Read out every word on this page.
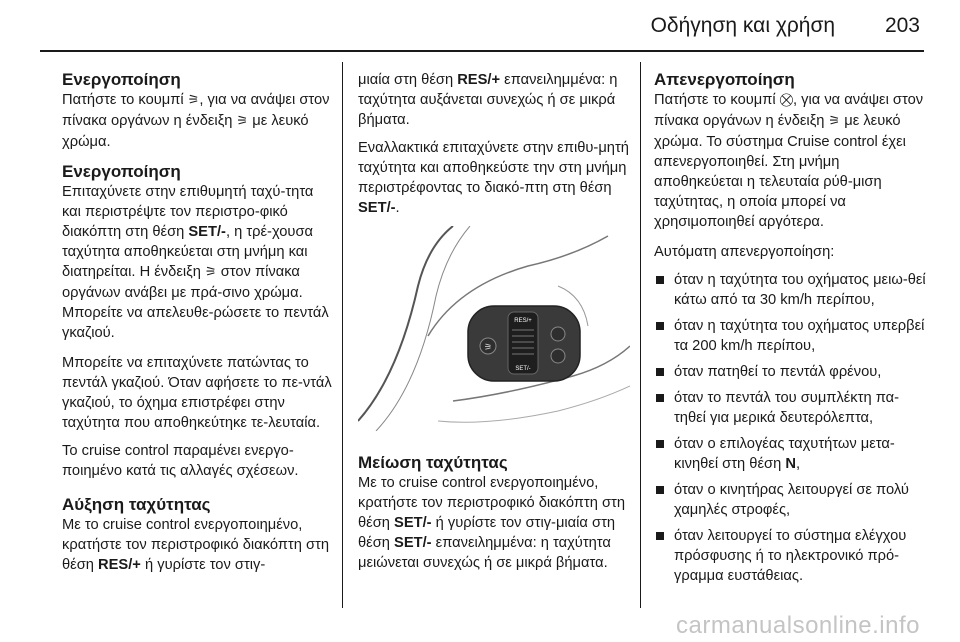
Οδήγηση και χρήση 203
Ενεργοποίηση

Πατήστε το κουμπί ⚞, για να ανάψει στον πίνακα οργάνων η ένδειξη ⚞ με λευκό χρώμα.

Ενεργοποίηση

Επιταχύνετε στην επιθυμητή ταχύ-τητα και περιστρέψτε τον περιστρο-φικό διακόπτη στη θέση SET/-, η τρέ-χουσα ταχύτητα αποθηκεύεται στη μνήμη και διατηρείται. Η ένδειξη ⚞ στον πίνακα οργάνων ανάβει με πρά-σινο χρώμα. Μπορείτε να απελευθε-ρώσετε το πεντάλ γκαζιού.

Μπορείτε να επιταχύνετε πατώντας το πεντάλ γκαζιού. Όταν αφήσετε το πε-ντάλ γκαζιού, το όχημα επιστρέφει στην ταχύτητα που αποθηκεύτηκε τε-λευταία.

Το cruise control παραμένει ενεργο-ποιημένο κατά τις αλλαγές σχέσεων.

Αύξηση ταχύτητας

Με το cruise control ενεργοποιημένο, κρατήστε τον περιστροφικό διακόπτη στη θέση RES/+ ή γυρίστε τον στιγ-

μιαία στη θέση RES/+ επανειλημμένα: η ταχύτητα αυξάνεται συνεχώς ή σε μικρά βήματα.

Εναλλακτικά επιταχύνετε στην επιθυ-μητή ταχύτητα και αποθηκεύστε την στη μνήμη περιστρέφοντας το διακό-πτη στη θέση SET/-.

RES/+
SET/-
⚞
Μείωση ταχύτητας

Με το cruise control ενεργοποιημένο, κρατήστε τον περιστροφικό διακόπτη στη θέση SET/- ή γυρίστε τον στιγ-μιαία στη θέση SET/- επανειλημμένα: η ταχύτητα μειώνεται συνεχώς ή σε μικρά βήματα.

Απενεργοποίηση

Πατήστε το κουμπί ⛒, για να ανάψει στον πίνακα οργάνων η ένδειξη ⚞ με λευκό χρώμα. Το σύστημα Cruise control έχει απενεργοποιηθεί. Στη μνήμη αποθηκεύεται η τελευταία ρύθ-μιση ταχύτητας, η οποία μπορεί να χρησιμοποιηθεί αργότερα.

Αυτόματη απενεργοποίηση:

όταν η ταχύτητα του οχήματος μειω-θεί κάτω από τα 30 km/h περίπου,
όταν η ταχύτητα του οχήματος υπερβεί τα 200 km/h περίπου,
όταν πατηθεί το πεντάλ φρένου,
όταν το πεντάλ του συμπλέκτη πα-τηθεί για μερικά δευτερόλεπτα,
όταν ο επιλογέας ταχυτήτων μετα-κινηθεί στη θέση N,
όταν ο κινητήρας λειτουργεί σε πολύ χαμηλές στροφές,
όταν λειτουργεί το σύστημα ελέγχου πρόσφυσης ή το ηλεκτρονικό πρό-γραμμα ευστάθειας.
carmanualsonline.info
